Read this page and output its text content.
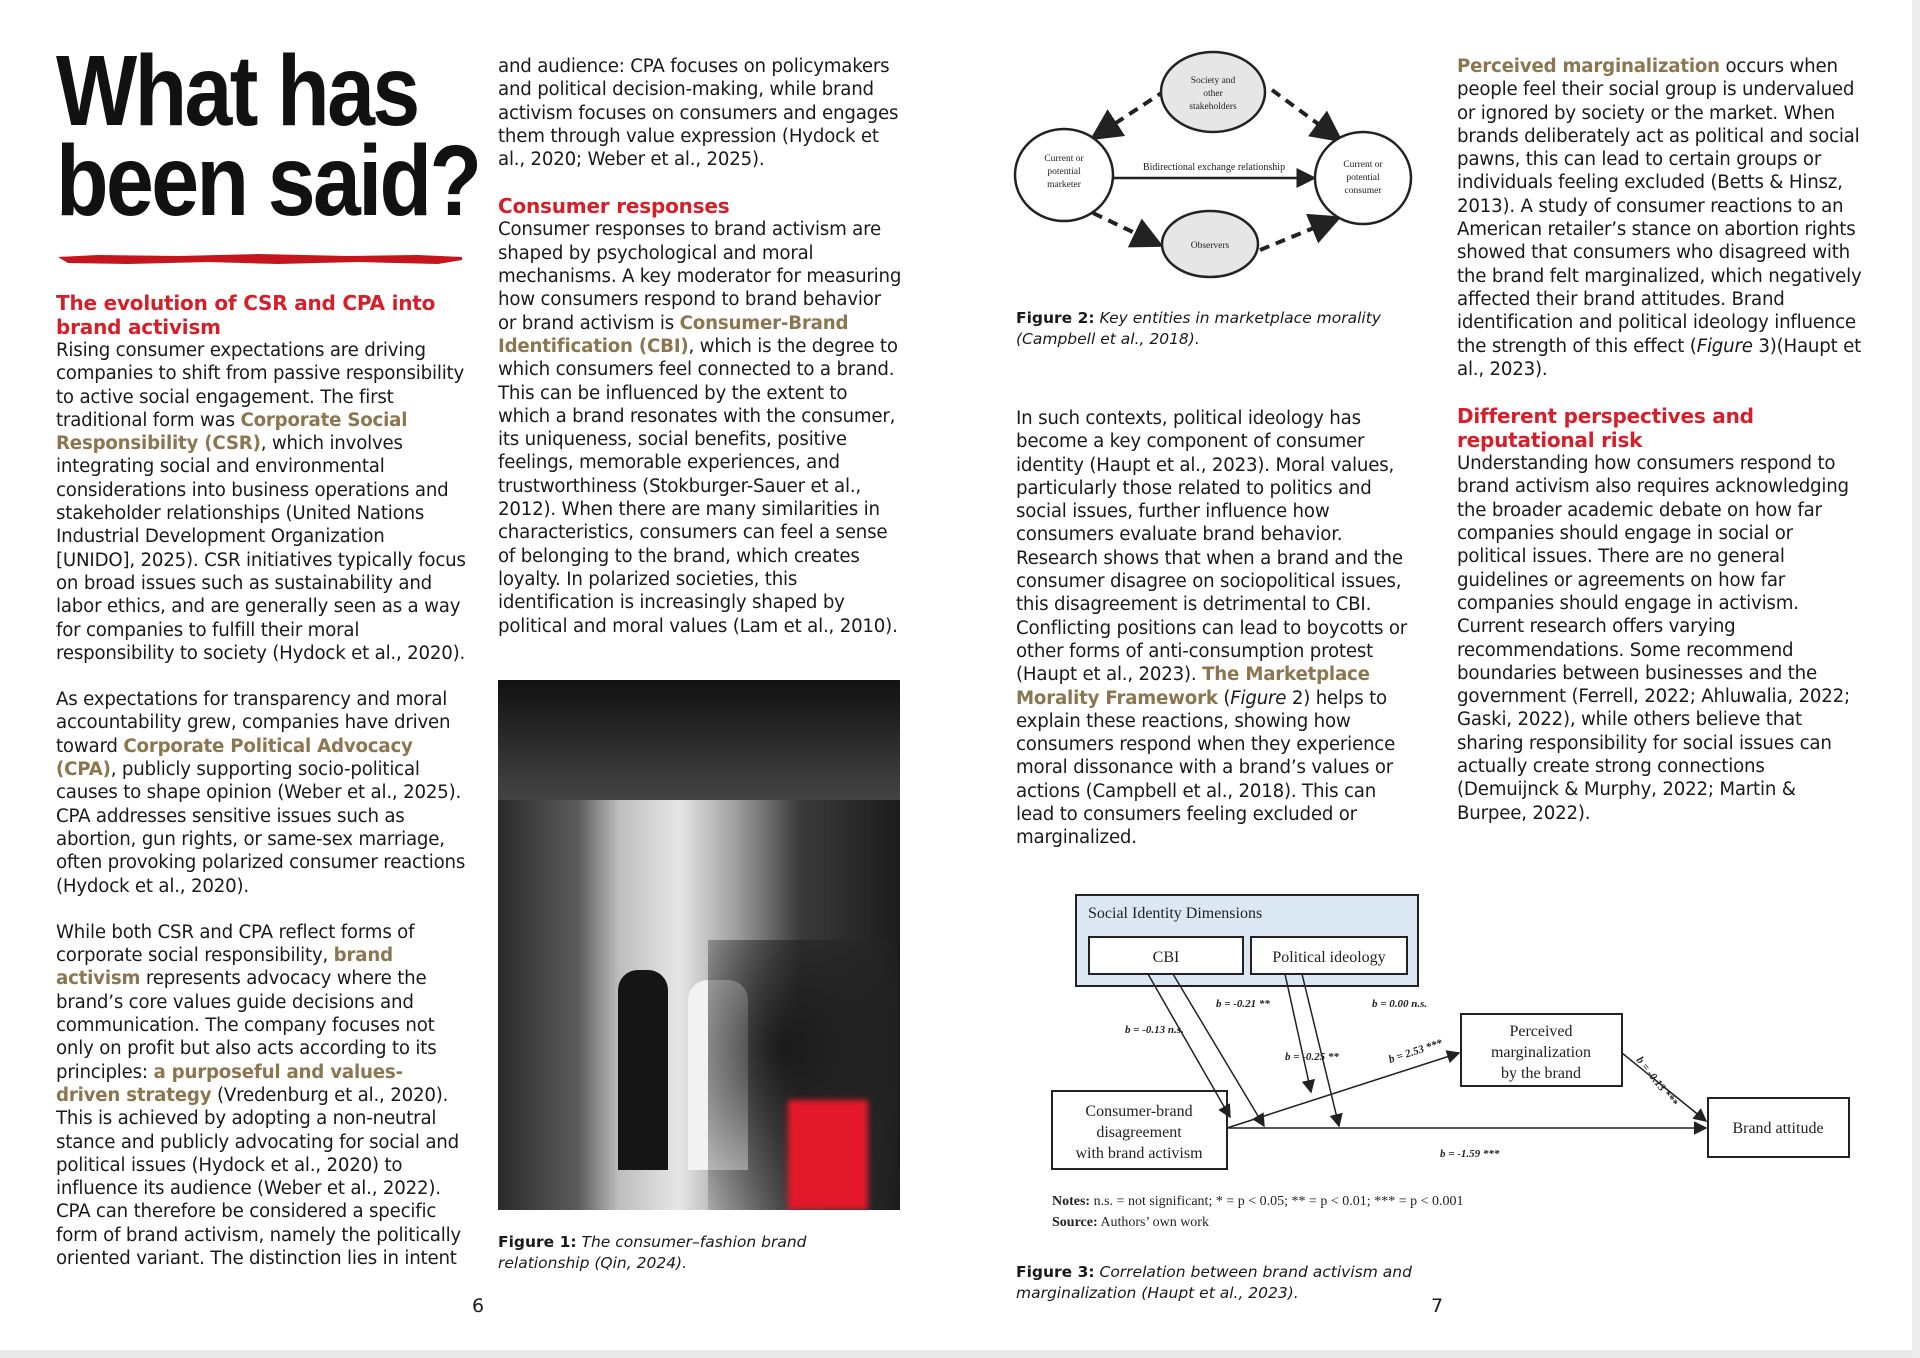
What has
been said?
The evolution of CSR and CPA into brand activism

Rising consumer expectations are driving companies to shift from passive responsibility to active social engagement. The first traditional form was Corporate Social Responsibility (CSR), which involves integrating social and environmental considerations into business operations and stakeholder relationships (United Nations Industrial Development Organization [UNIDO], 2025). CSR initiatives typically focus on broad issues such as sustainability and labor ethics, and are generally seen as a way for companies to fulfill their moral responsibility to society (Hydock et al., 2020).

As expectations for transparency and moral accountability grew, companies have driven toward Corporate Political Advocacy (CPA), publicly supporting socio-political causes to shape opinion (Weber et al., 2025). CPA addresses sensitive issues such as abortion, gun rights, or same-sex marriage, often provoking polarized consumer reactions (Hydock et al., 2020).

While both CSR and CPA reflect forms of corporate social responsibility, brand activism represents advocacy where the brand’s core values guide decisions and communication. The company focuses not only on profit but also acts according to its principles: a purposeful and values-driven strategy (Vredenburg et al., 2020). This is achieved by adopting a non-neutral stance and publicly advocating for social and political issues (Hydock et al., 2020) to influence its audience (Weber et al., 2022). CPA can therefore be considered a specific form of brand activism, namely the politically oriented variant. The distinction lies in intent

and audience: CPA focuses on policymakers and political decision-making, while brand activism focuses on consumers and engages them through value expression (Hydock et al., 2020; Weber et al., 2025).

Consumer responses

Consumer responses to brand activism are shaped by psychological and moral mechanisms. A key moderator for measuring how consumers respond to brand behavior or brand activism is Consumer-Brand Identification (CBI), which is the degree to which consumers feel connected to a brand. This can be influenced by the extent to which a brand resonates with the consumer, its uniqueness, social benefits, positive feelings, memorable experiences, and trustworthiness (Stokburger-Sauer et al., 2012). When there are many similarities in characteristics, consumers can feel a sense of belonging to the brand, which creates loyalty. In polarized societies, this identification is increasingly shaped by political and moral values (Lam et al., 2010).

Figure 1: The consumer–fashion brand relationship (Qin, 2024).
6
Bidirectional exchange relationship
Society and
other
stakeholders
Current or
potential
marketer
Current or
potential
consumer
Observers
Figure 2: Key entities in marketplace morality (Campbell et al., 2018).

In such contexts, political ideology has become a key component of consumer identity (Haupt et al., 2023). Moral values, particularly those related to politics and social issues, further influence how consumers evaluate brand behavior. Research shows that when a brand and the consumer disagree on sociopolitical issues, this disagreement is detrimental to CBI. Conflicting positions can lead to boycotts or other forms of anti-consumption protest (Haupt et al., 2023). The Marketplace Morality Framework (Figure 2) helps to explain these reactions, showing how consumers respond when they experience moral dissonance with a brand’s values or actions (Campbell et al., 2018). This can lead to consumers feeling excluded or marginalized.

Social Identity Dimensions
CBI	Political ideology
Consumer-brand
disagreement
with brand activism
Perceived
marginalization
by the brand
Brand attitude
b = -0.13 n.s.
b = -0.21 **
b = -0.25 **
b = 0.00 n.s.
b = 2.53 ***
b = -0.13 ***
b = -1.59 ***
Notes: n.s. = not significant; * = p < 0.05; ** = p < 0.01; *** = p < 0.001
Source: Authors’ own work
Figure 3: Correlation between brand activism and marginalization (Haupt et al., 2023).
7

Perceived marginalization occurs when people feel their social group is undervalued or ignored by society or the market. When brands deliberately act as political and social pawns, this can lead to certain groups or individuals feeling excluded (Betts & Hinsz, 2013). A study of consumer reactions to an American retailer’s stance on abortion rights showed that consumers who disagreed with the brand felt marginalized, which negatively affected their brand attitudes. Brand identification and political ideology influence the strength of this effect (Figure 3)(Haupt et al., 2023).

Different perspectives and reputational risk

Understanding how consumers respond to brand activism also requires acknowledging the broader academic debate on how far companies should engage in social or political issues. There are no general guidelines or agreements on how far companies should engage in activism. Current research offers varying recommendations. Some recommend boundaries between businesses and the government (Ferrell, 2022; Ahluwalia, 2022; Gaski, 2022), while others believe that sharing responsibility for social issues can actually create strong connections (Demuijnck & Murphy, 2022; Martin & Burpee, 2022).
